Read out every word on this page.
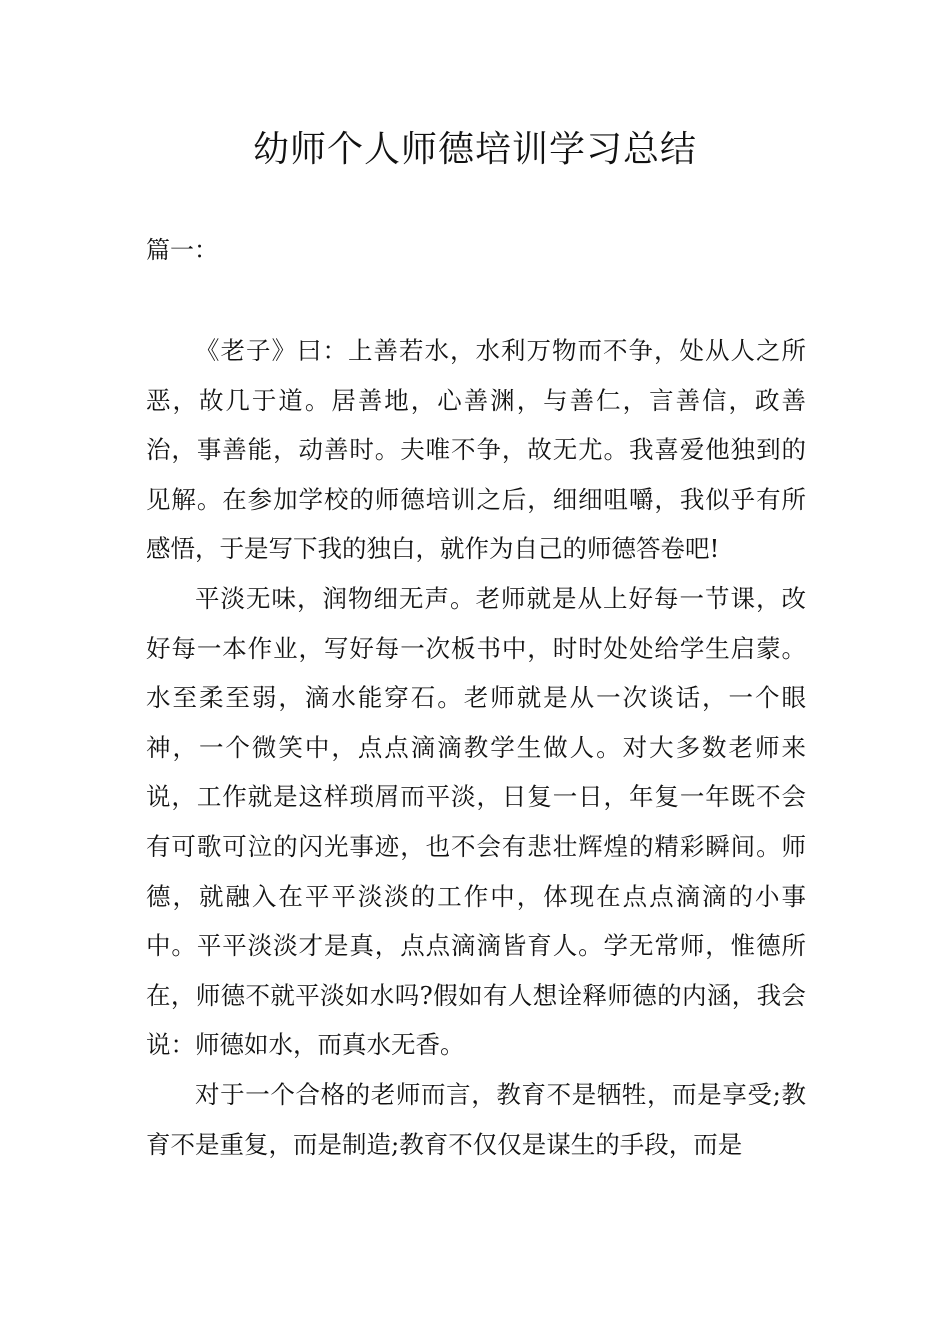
幼师个人师德培训学习总结

篇一：

《老子》曰：上善若水，水利万物而不争，处从人之所恶，故几于道。居善地，心善渊，与善仁，言善信，政善治，事善能，动善时。夫唯不争，故无尤。我喜爱他独到的见解。在参加学校的师德培训之后，细细咀嚼，我似乎有所感悟，于是写下我的独白，就作为自己的师德答卷吧!

平淡无味，润物细无声。老师就是从上好每一节课，改好每一本作业，写好每一次板书中，时时处处给学生启蒙。水至柔至弱，滴水能穿石。老师就是从一次谈话，一个眼神，一个微笑中，点点滴滴教学生做人。对大多数老师来说，工作就是这样琐屑而平淡，日复一日，年复一年既不会有可歌可泣的闪光事迹，也不会有悲壮辉煌的精彩瞬间。师德，就融入在平平淡淡的工作中，体现在点点滴滴的小事中。平平淡淡才是真，点点滴滴皆育人。学无常师，惟德所在，师德不就平淡如水吗?假如有人想诠释师德的内涵，我会说：师德如水，而真水无香。

对于一个合格的老师而言，教育不是牺牲，而是享受;教育不是重复，而是制造;教育不仅仅是谋生的手段，而是
